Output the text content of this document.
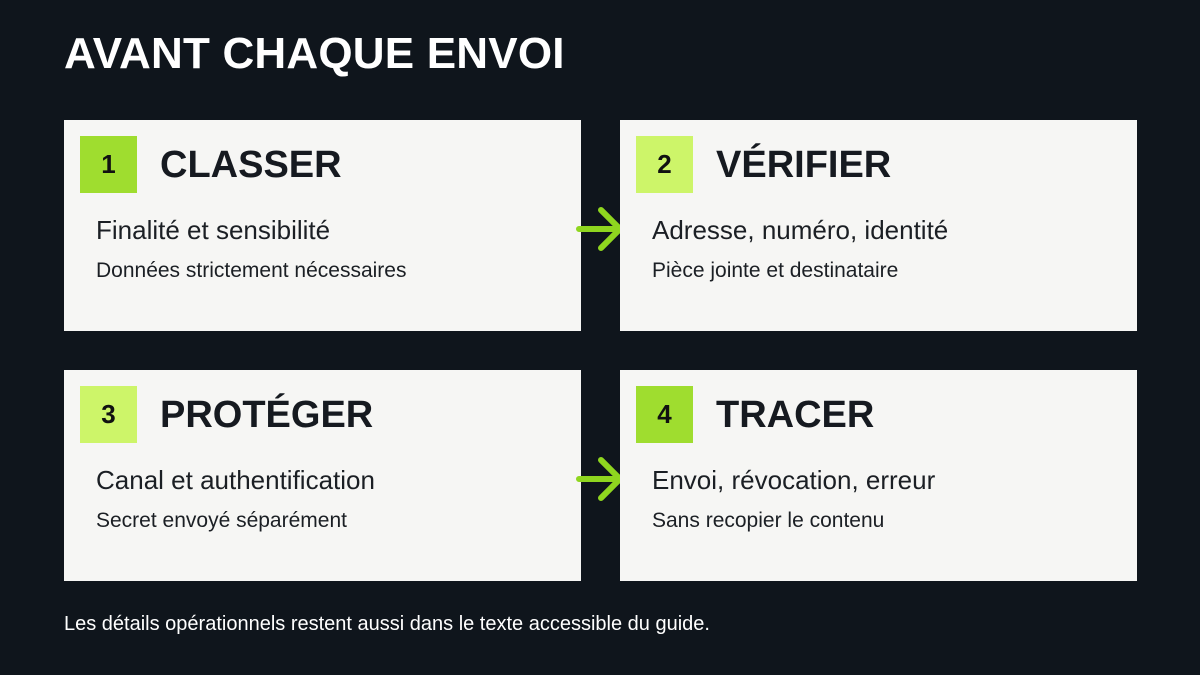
AVANT CHAQUE ENVOI
1	CLASSER
Finalité et sensibilité
Données strictement nécessaires
2	VÉRIFIER
Adresse, numéro, identité
Pièce jointe et destinataire
3	PROTÉGER
Canal et authentification
Secret envoyé séparément
4	TRACER
Envoi, révocation, erreur
Sans recopier le contenu
Les détails opérationnels restent aussi dans le texte accessible du guide.
